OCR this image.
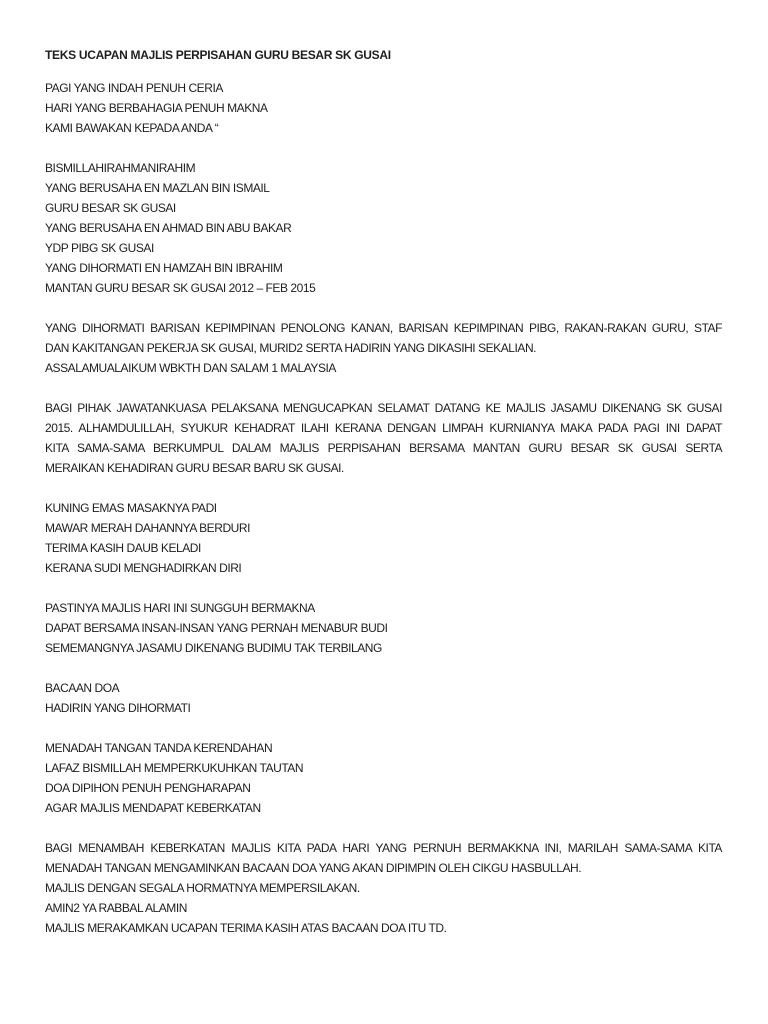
TEKS UCAPAN MAJLIS PERPISAHAN GURU BESAR SK GUSAI
PAGI YANG INDAH PENUH CERIA
HARI YANG BERBAHAGIA PENUH MAKNA
KAMI BAWAKAN KEPADA ANDA “
BISMILLAHIRAHMANIRAHIM
YANG BERUSAHA EN MAZLAN BIN ISMAIL
GURU BESAR SK GUSAI
YANG BERUSAHA EN AHMAD BIN ABU BAKAR
YDP PIBG SK GUSAI
YANG DIHORMATI EN HAMZAH BIN IBRAHIM
MANTAN GURU BESAR SK GUSAI 2012 – FEB 2015
YANG DIHORMATI BARISAN KEPIMPINAN PENOLONG KANAN, BARISAN KEPIMPINAN PIBG, RAKAN-RAKAN GURU, STAF
DAN KAKITANGAN PEKERJA SK GUSAI, MURID2 SERTA HADIRIN YANG DIKASIHI SEKALIAN.
ASSALAMUALAIKUM WBKTH DAN SALAM 1 MALAYSIA
BAGI PIHAK JAWATANKUASA PELAKSANA MENGUCAPKAN SELAMAT DATANG KE MAJLIS JASAMU DIKENANG SK GUSAI
2015. ALHAMDULILLAH, SYUKUR KEHADRAT ILAHI KERANA DENGAN LIMPAH KURNIANYA MAKA PADA PAGI INI DAPAT
KITA SAMA-SAMA BERKUMPUL DALAM MAJLIS PERPISAHAN BERSAMA MANTAN GURU BESAR SK GUSAI SERTA
MERAIKAN KEHADIRAN GURU BESAR BARU SK GUSAI.
KUNING EMAS MASAKNYA PADI
MAWAR MERAH DAHANNYA BERDURI
TERIMA KASIH DAUB KELADI
KERANA SUDI MENGHADIRKAN DIRI
PASTINYA MAJLIS HARI INI SUNGGUH BERMAKNA
DAPAT BERSAMA INSAN-INSAN YANG PERNAH MENABUR BUDI
SEMEMANGNYA JASAMU DIKENANG BUDIMU TAK TERBILANG
BACAAN DOA
HADIRIN YANG DIHORMATI
MENADAH TANGAN TANDA KERENDAHAN
LAFAZ BISMILLAH MEMPERKUKUHKAN TAUTAN
DOA DIPIHON PENUH PENGHARAPAN
AGAR MAJLIS MENDAPAT KEBERKATAN
BAGI MENAMBAH KEBERKATAN MAJLIS KITA PADA HARI YANG PERNUH BERMAKKNA INI, MARILAH SAMA-SAMA KITA
MENADAH TANGAN MENGAMINKAN BACAAN DOA YANG AKAN DIPIMPIN OLEH CIKGU HASBULLAH.
MAJLIS DENGAN SEGALA HORMATNYA MEMPERSILAKAN.
AMIN2 YA RABBAL ALAMIN
MAJLIS MERAKAMKAN UCAPAN TERIMA KASIH ATAS BACAAN DOA ITU TD.
